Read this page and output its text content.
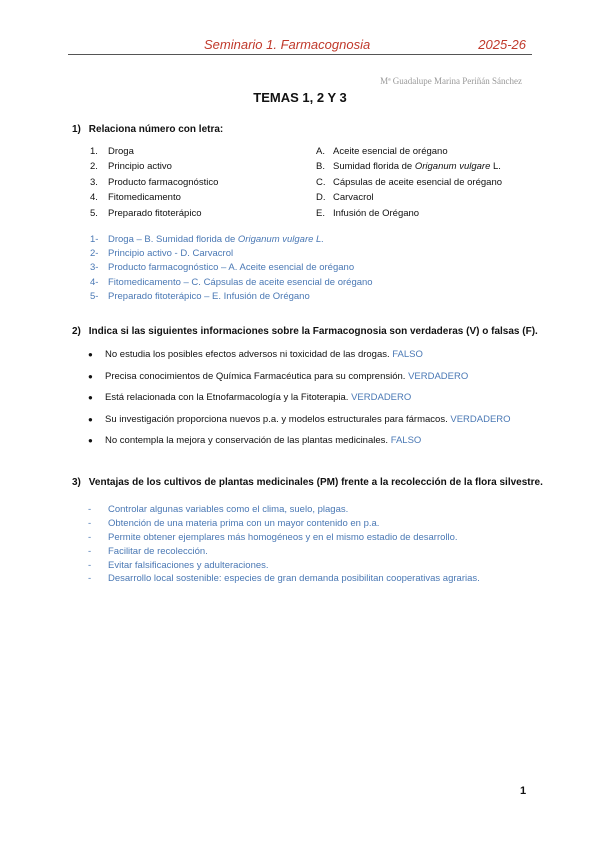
Seminario 1. Farmacognosia	2025-26
Mª Guadalupe Marina Periñán Sánchez
TEMAS 1, 2 Y 3
1) Relaciona número con letra:
1. Droga
2. Principio activo
3. Producto farmacognóstico
4. Fitomedicamento
5. Preparado fitoterápico
A. Aceite esencial de orégano
B. Sumidad florida de Origanum vulgare L.
C. Cápsulas de aceite esencial de orégano
D. Carvacrol
E. Infusión de Orégano
1- Droga – B. Sumidad florida de Origanum vulgare L.
2- Principio activo - D. Carvacrol
3- Producto farmacognóstico – A. Aceite esencial de orégano
4- Fitomedicamento – C. Cápsulas de aceite esencial de orégano
5- Preparado fitoterápico – E. Infusión de Orégano
2) Indica si las siguientes informaciones sobre la Farmacognosia son verdaderas (V) o falsas (F).
● No estudia los posibles efectos adversos ni toxicidad de las drogas. FALSO
● Precisa conocimientos de Química Farmacéutica para su comprensión. VERDADERO
● Está relacionada con la Etnofarmacología y la Fitoterapia. VERDADERO
● Su investigación proporciona nuevos p.a. y modelos estructurales para fármacos. VERDADERO
● No contempla la mejora y conservación de las plantas medicinales. FALSO
3) Ventajas de los cultivos de plantas medicinales (PM) frente a la recolección de la flora silvestre.
- Controlar algunas variables como el clima, suelo, plagas.
- Obtención de una materia prima con un mayor contenido en p.a.
- Permite obtener ejemplares más homogéneos y en el mismo estadio de desarrollo.
- Facilitar de recolección.
- Evitar falsificaciones y adulteraciones.
- Desarrollo local sostenible: especies de gran demanda posibilitan cooperativas agrarias.
1
